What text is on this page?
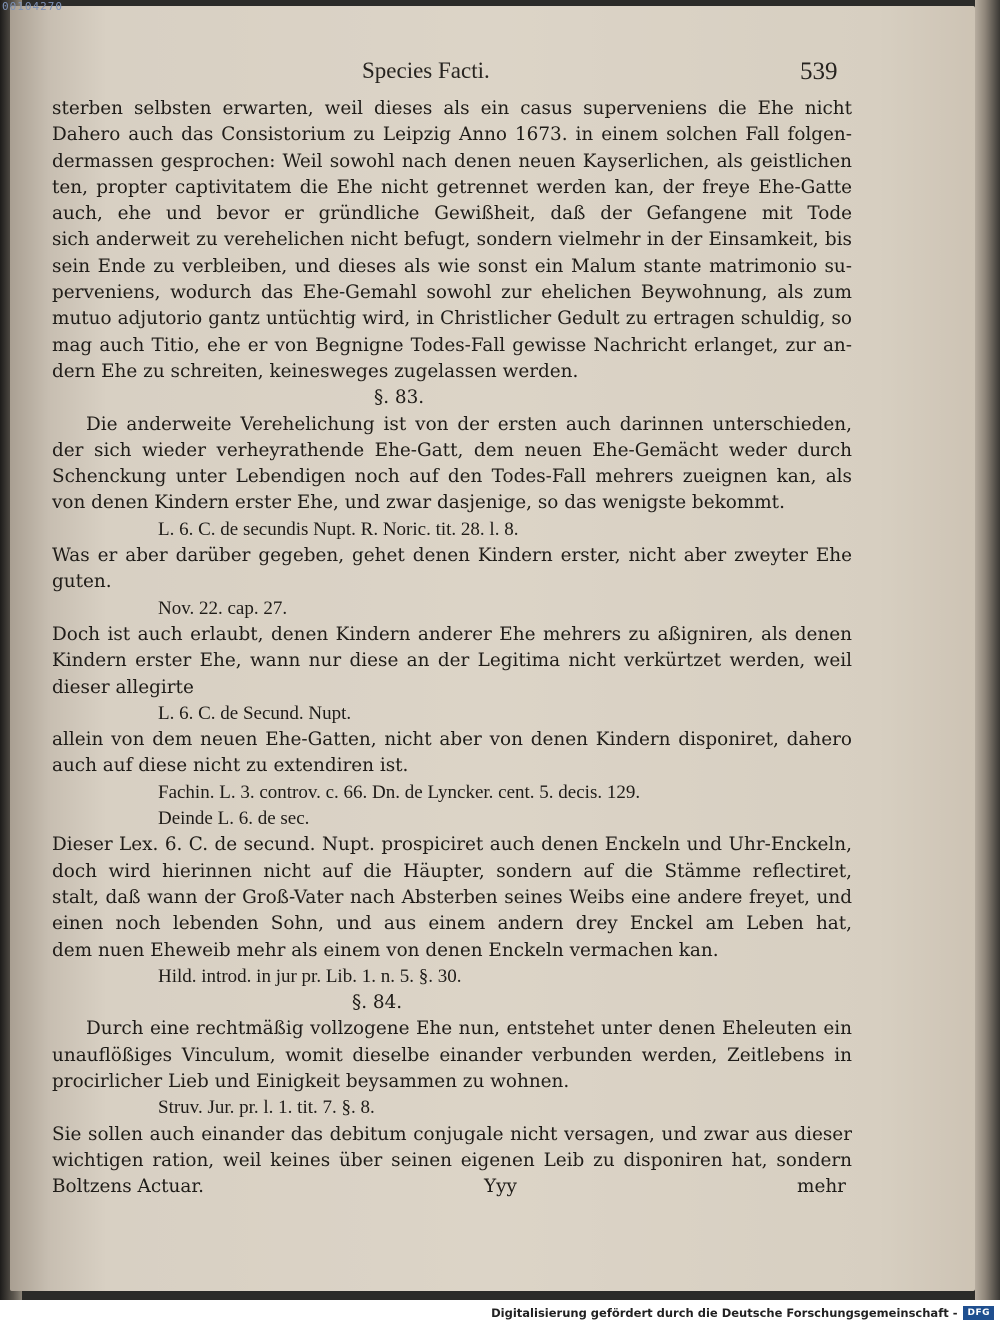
00104270
Species Facti.	539
sterben selbsten erwarten, weil dieses als ein casus superveniens die Ehe nicht
Dahero auch das Consistorium zu Leipzig Anno 1673. in einem solchen Fall folgen-
dermassen gesprochen: Weil sowohl nach denen neuen Kayserlichen, als geistlichen
ten, propter captivitatem die Ehe nicht getrennet werden kan, der freye Ehe-Gatte
auch, ehe und bevor er gründliche Gewißheit, daß der Gefangene mit Tode
sich anderweit zu verehelichen nicht befugt, sondern vielmehr in der Einsamkeit, bis
sein Ende zu verbleiben, und dieses als wie sonst ein Malum stante matrimonio su-
perveniens, wodurch das Ehe-Gemahl sowohl zur ehelichen Beywohnung, als zum
mutuo adjutorio gantz untüchtig wird, in Christlicher Gedult zu ertragen schuldig, so
mag auch Titio, ehe er von Begnigne Todes-Fall gewisse Nachricht erlanget, zur an-
dern Ehe zu schreiten, keinesweges zugelassen werden.
§. 83.
Die anderweite Verehelichung ist von der ersten auch darinnen unterschieden,
der sich wieder verheyrathende Ehe-Gatt, dem neuen Ehe-Gemächt weder durch
Schenckung unter Lebendigen noch auf den Todes-Fall mehrers zueignen kan, als
von denen Kindern erster Ehe, und zwar dasjenige, so das wenigste bekommt.
L. 6. C. de secundis Nupt. R. Noric. tit. 28. l. 8.
Was er aber darüber gegeben, gehet denen Kindern erster, nicht aber zweyter Ehe
guten.
Nov. 22. cap. 27.
Doch ist auch erlaubt, denen Kindern anderer Ehe mehrers zu aßigniren, als denen
Kindern erster Ehe, wann nur diese an der Legitima nicht verkürtzet werden, weil
dieser allegirte
L. 6. C. de Secund. Nupt.
allein von dem neuen Ehe-Gatten, nicht aber von denen Kindern disponiret, dahero
auch auf diese nicht zu extendiren ist.
Fachin. L. 3. controv. c. 66. Dn. de Lyncker. cent. 5. decis. 129.
Deinde L. 6. de sec.
Dieser Lex. 6. C. de secund. Nupt. prospiciret auch denen Enckeln und Uhr-Enckeln,
doch wird hierinnen nicht auf die Häupter, sondern auf die Stämme reflectiret,
stalt, daß wann der Groß-Vater nach Absterben seines Weibs eine andere freyet, und
einen noch lebenden Sohn, und aus einem andern drey Enckel am Leben hat,
dem nuen Eheweib mehr als einem von denen Enckeln vermachen kan.
Hild. introd. in jur pr. Lib. 1. n. 5. §. 30.
§. 84.
Durch eine rechtmäßig vollzogene Ehe nun, entstehet unter denen Eheleuten ein
unauflößiges Vinculum, womit dieselbe einander verbunden werden, Zeitlebens in
procirlicher Lieb und Einigkeit beysammen zu wohnen.
Struv. Jur. pr. l. 1. tit. 7. §. 8.
Sie sollen auch einander das debitum conjugale nicht versagen, und zwar aus dieser
wichtigen ration, weil keines über seinen eigenen Leib zu disponiren hat, sondern
Boltzens Actuar.	Yyy	mehr
Digitalisierung gefördert durch die Deutsche Forschungsgemeinschaft -	DFG
